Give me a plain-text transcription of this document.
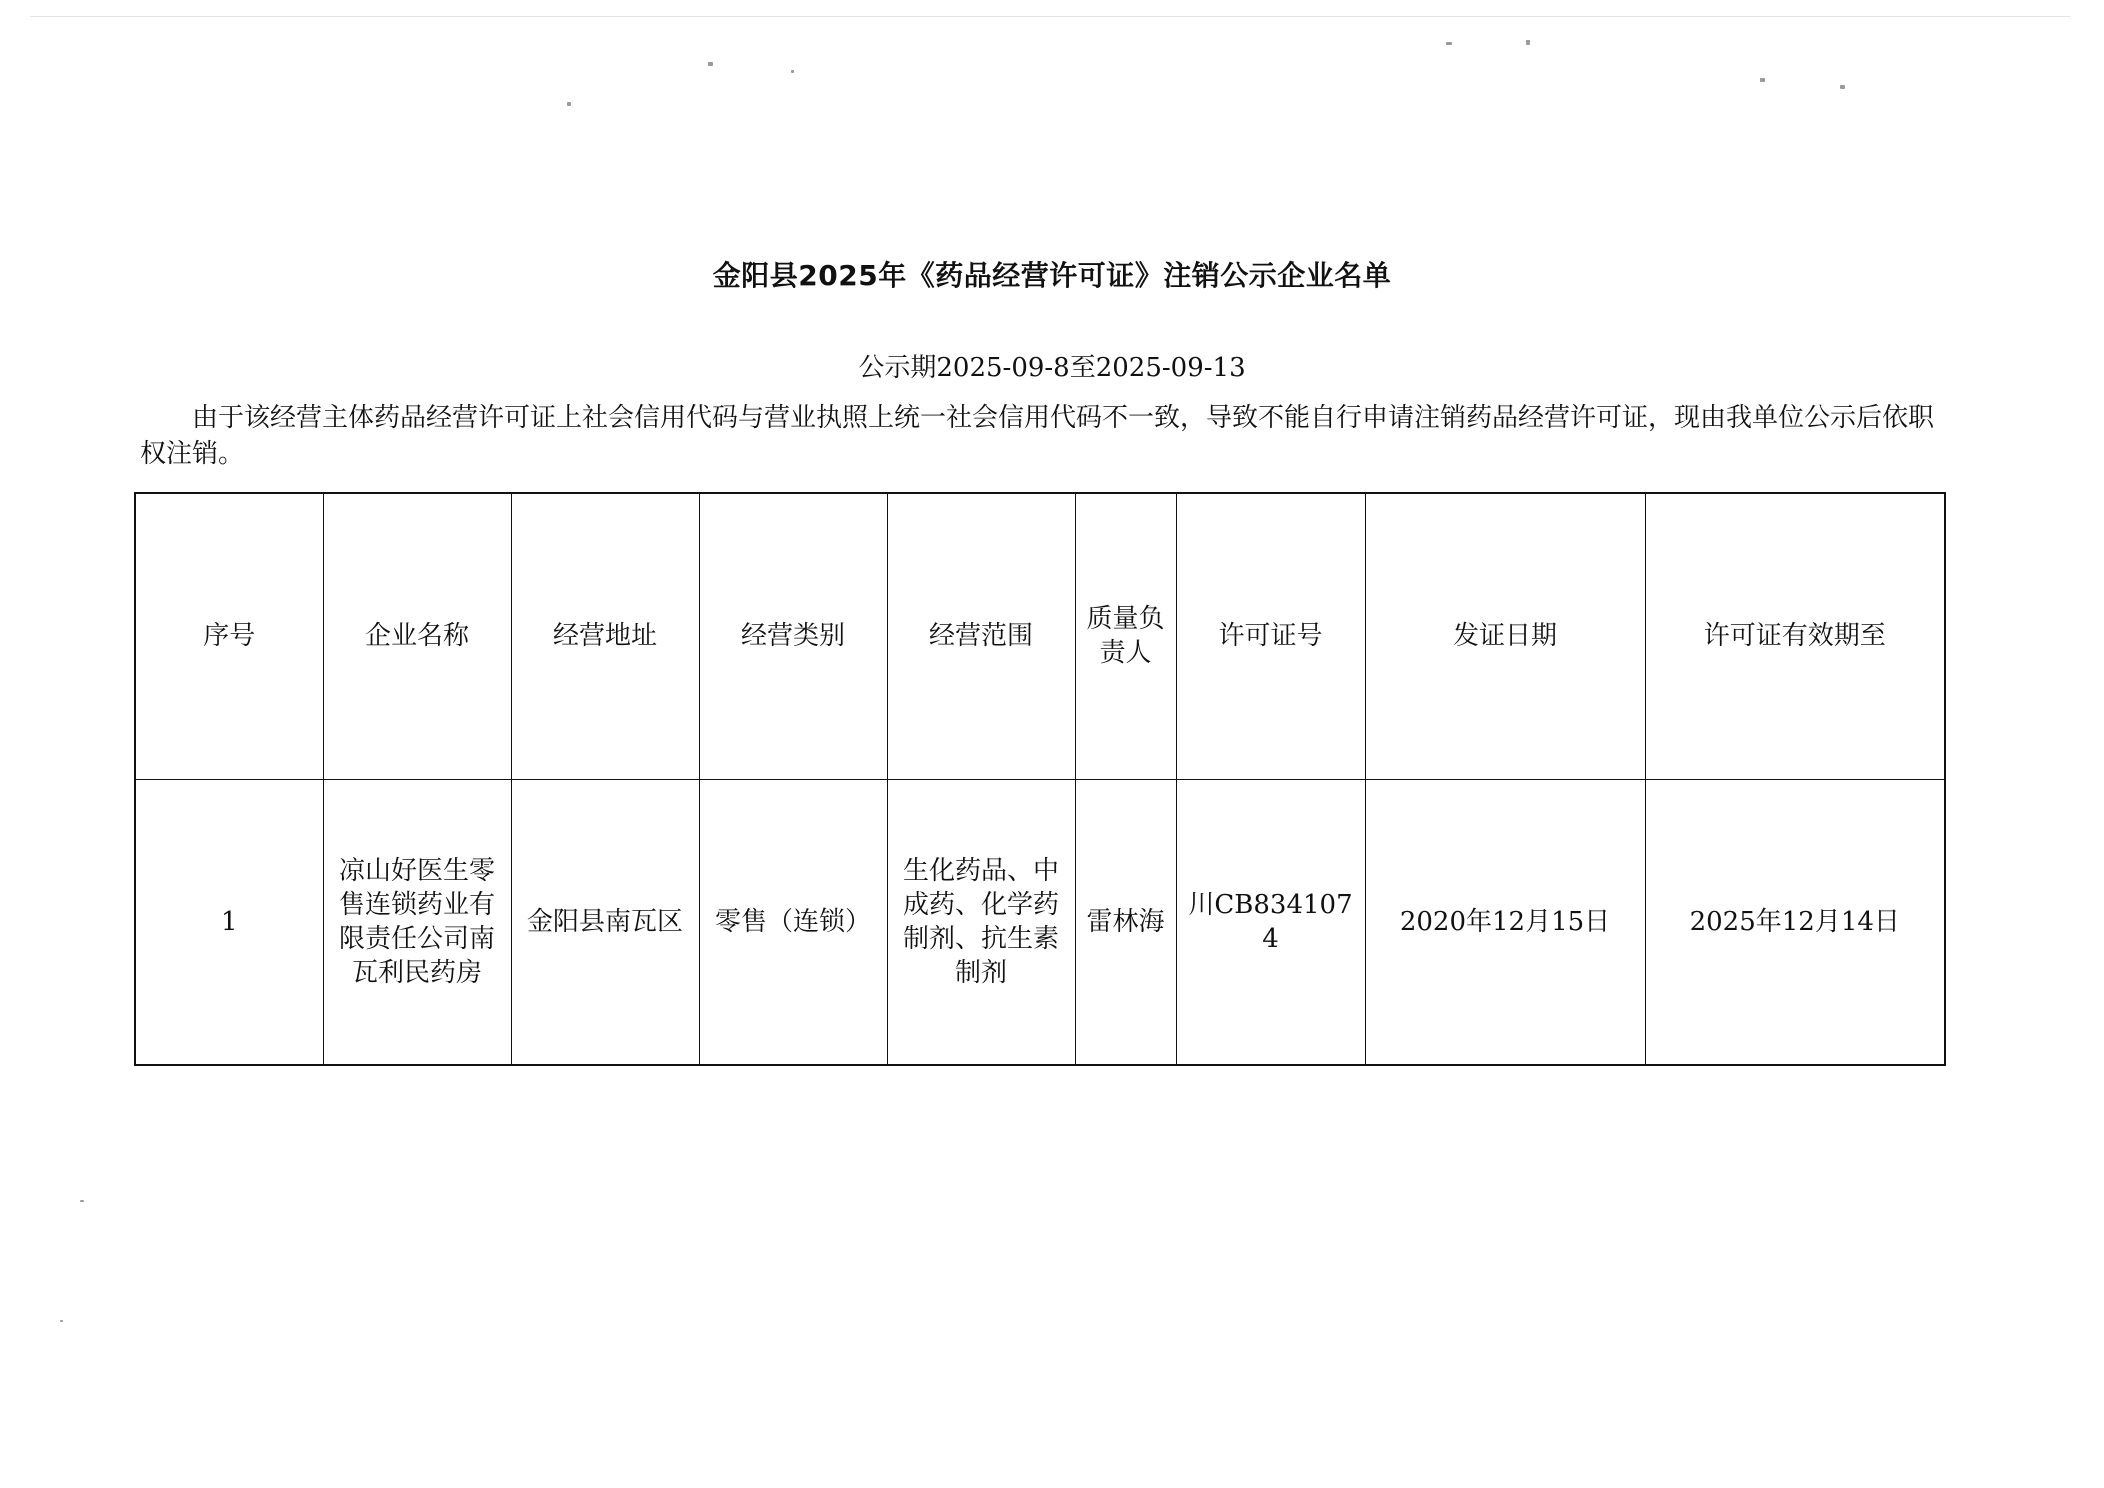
金阳县2025年《药品经营许可证》注销公示企业名单
公示期2025-09-8至2025-09-13
由于该经营主体药品经营许可证上社会信用代码与营业执照上统一社会信用代码不一致，导致不能自行申请注销药品经营许可证，现由我单位公示后依职权注销。
序号	企业名称	经营地址	经营类别	经营范围	质量负责人	许可证号	发证日期	许可证有效期至
1	凉山好医生零售连锁药业有限责任公司南瓦利民药房	金阳县南瓦区	零售（连锁）	生化药品、中成药、化学药制剂、抗生素制剂	雷林海	川CB8341074	2020年12月15日	2025年12月14日
